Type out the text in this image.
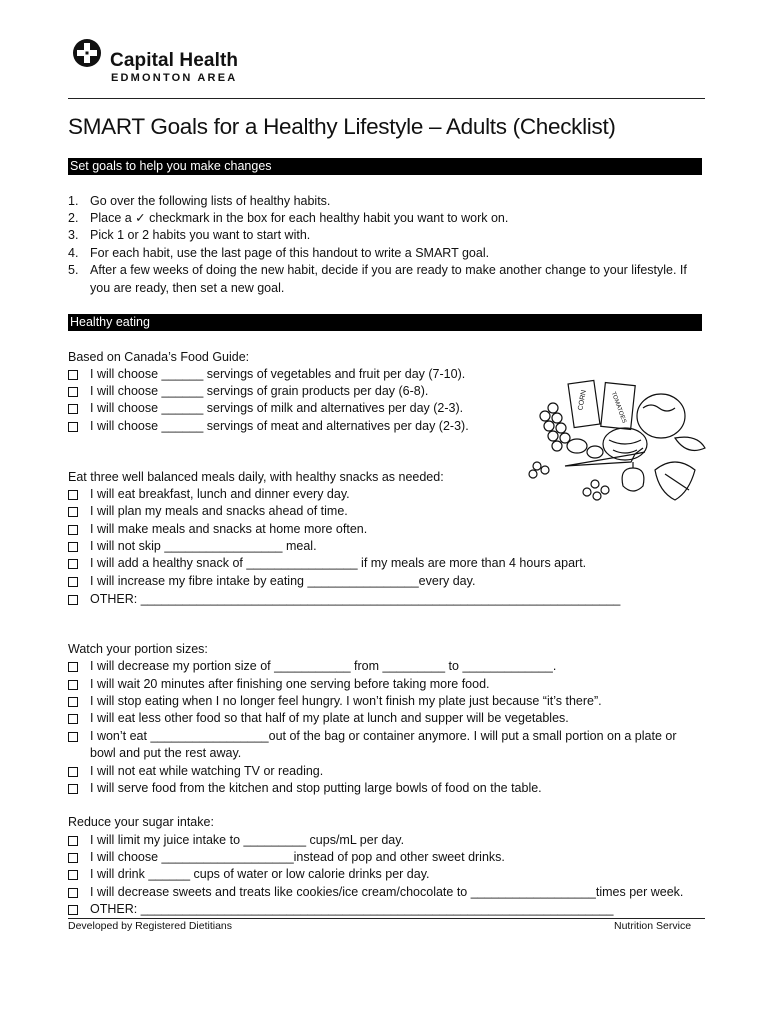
Capital Health
EDMONTON AREA
SMART Goals for a Healthy Lifestyle – Adults (Checklist)
Set goals to help you make changes
1. Go over the following lists of healthy habits.
2. Place a ✓ checkmark in the box for each healthy habit you want to work on.
3. Pick 1 or 2 habits you want to start with.
4. For each habit, use the last page of this handout to write a SMART goal.
5. After a few weeks of doing the new habit, decide if you are ready to make another change to your lifestyle. If
you are ready, then set a new goal.
Healthy eating
Based on Canada’s Food Guide:
I will choose ______ servings of vegetables and fruit per day (7-10).
I will choose ______ servings of grain products per day (6-8).
I will choose ______ servings of milk and alternatives per day (2-3).
I will choose ______ servings of meat and alternatives per day (2-3).
CORN	TOMATOES
Eat three well balanced meals daily, with healthy snacks as needed:
I will eat breakfast, lunch and dinner every day.
I will plan my meals and snacks ahead of time.
I will make meals and snacks at home more often.
I will not skip _________________ meal.
I will add a healthy snack of ________________ if my meals are more than 4 hours apart.
I will increase my fibre intake by eating ________________every day.
OTHER: _____________________________________________________________________
Watch your portion sizes:
I will decrease my portion size of ___________ from _________ to _____________.
I will wait 20 minutes after finishing one serving before taking more food.
I will stop eating when I no longer feel hungry. I won’t finish my plate just because “it’s there”.
I will eat less other food so that half of my plate at lunch and supper will be vegetables.
I won’t eat _________________out of the bag or container anymore. I will put a small portion on a plate or
bowl and put the rest away.
I will not eat while watching TV or reading.
I will serve food from the kitchen and stop putting large bowls of food on the table.
Reduce your sugar intake:
I will limit my juice intake to _________ cups/mL per day.
I will choose ___________________instead of pop and other sweet drinks.
I will drink ______ cups of water or low calorie drinks per day.
I will decrease sweets and treats like cookies/ice cream/chocolate to __________________times per week.
OTHER: ____________________________________________________________________
Developed by Registered Dietitians	Nutrition Service
